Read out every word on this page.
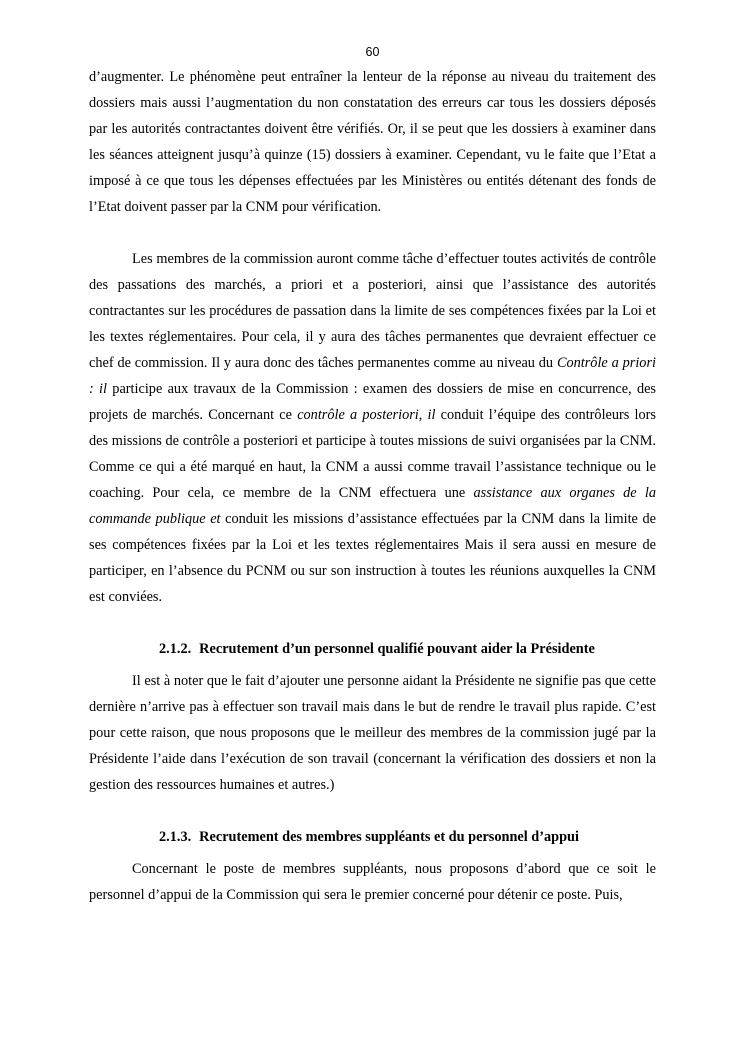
60

d’augmenter. Le phénomène peut entraîner la lenteur de la réponse au niveau du traitement des dossiers mais aussi l’augmentation du non constatation des erreurs car tous les dossiers déposés par les autorités contractantes doivent être vérifiés. Or, il se peut que les dossiers à examiner dans les séances atteignent jusqu’à quinze (15) dossiers à examiner. Cependant, vu le faite que l’Etat a imposé à ce que tous les dépenses effectuées par les Ministères ou entités détenant des fonds de l’Etat doivent passer par la CNM pour vérification.

Les membres de la commission auront comme tâche d’effectuer toutes activités de contrôle des passations des marchés, a priori et a posteriori, ainsi que l’assistance des autorités contractantes sur les procédures de passation dans la limite de ses compétences fixées par la Loi et les textes réglementaires. Pour cela, il y aura des tâches permanentes que devraient effectuer ce chef de commission. Il y aura donc des tâches permanentes comme au niveau du Contrôle a priori : il participe aux travaux de la Commission : examen des dossiers de mise en concurrence, des projets de marchés. Concernant ce contrôle a posteriori, il conduit l’équipe des contrôleurs lors des missions de contrôle a posteriori et participe à toutes missions de suivi organisées par la CNM. Comme ce qui a été marqué en haut, la CNM a aussi comme travail l’assistance technique ou le coaching. Pour cela, ce membre de la CNM effectuera une assistance aux organes de la commande publique et conduit les missions d’assistance effectuées par la CNM dans la limite de ses compétences fixées par la Loi et les textes réglementaires Mais il sera aussi en mesure de participer, en l’absence du PCNM ou sur son instruction à toutes les réunions auxquelles la CNM est conviées.

2.1.2. Recrutement d’un personnel qualifié pouvant aider la Présidente

Il est à noter que le fait d’ajouter une personne aidant la Présidente ne signifie pas que cette dernière n’arrive pas à effectuer son travail mais dans le but de rendre le travail plus rapide. C’est pour cette raison, que nous proposons que le meilleur des membres de la commission jugé par la Présidente l’aide dans l’exécution de son travail (concernant la vérification des dossiers et non la gestion des ressources humaines et autres.)

2.1.3. Recrutement des membres suppléants et du personnel d’appui

Concernant le poste de membres suppléants, nous proposons d’abord que ce soit le personnel d’appui de la Commission qui sera le premier concerné pour détenir ce poste. Puis,
